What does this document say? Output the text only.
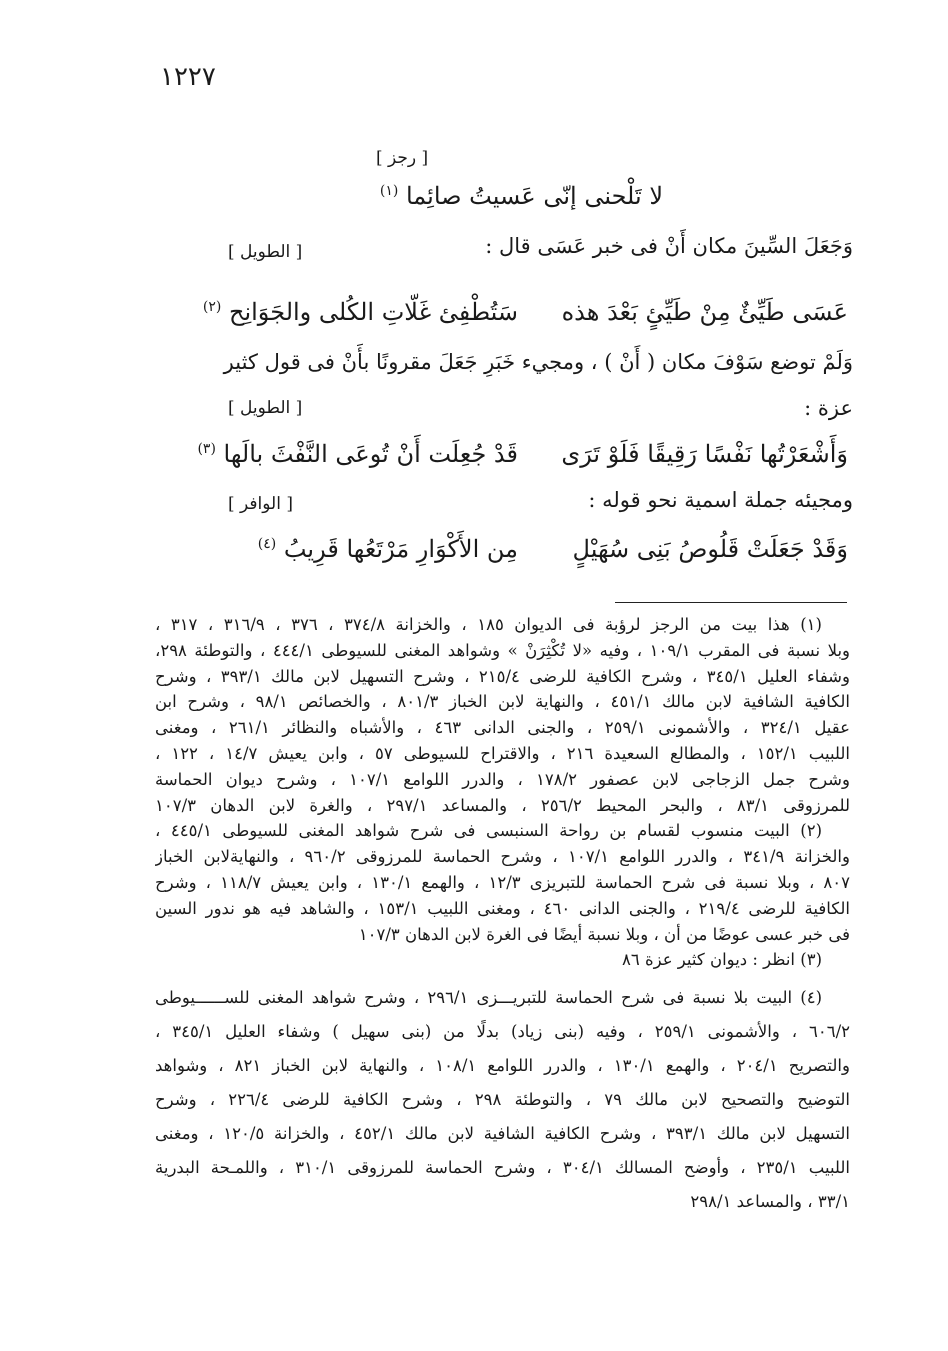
١٢٢٧
[ رجز ]
لا تَلْحنى إنّى عَسيتُ صائِما $^{(١)}$
وَجَعَلَ السِّينَ مكان أَنْ فى خبر عَسَى قال :
[ الطويل ]
عَسَى طَيِّئٌ مِنْ طَيِّئٍ بَعْدَ هذه
سَتُطْفِئ غَلّاتِ الكُلى والجَوَانِح $^{(٢)}$
وَلَمْ توضع سَوْفَ مكان ( أَنْ ) ، ومجيء خَبَرِ جَعَلَ مقرونًا بأَنْ فى قول كثير
عزة :
[ الطويل ]
وَأَشْعَرْتُها نَفْسًا رَقِيقًا فَلَوْ تَرَى
قَدْ جُعِلَت أَنْ تُوعَى النَّفْثَ بالَها $^{(٣)}$
ومجيئه جملة اسمية نحو قوله :
[ الوافر ]
وَقَدْ جَعَلَتْ قَلُوصُ بَنِى سُهَيْلٍ
مِن الأَكْوَارِ مَرْتَعُها قَرِيبُ $^{(٤)}$
(١) هذا بيت من الرجز لرؤبة فى الديوان ١٨٥ ، والخزانة ٣٧٤/٨ ، ٣٧٦ ، ٣١٦/٩ ، ٣١٧ ،
وبلا نسبة فى المقرب ١٠٩/١ ، وفيه «لا تُكْثِرَنْ » وشواهد المغنى للسيوطى ٤٤٤/١ ، والتوطئة ٢٩٨،
وشفاء العليل ٣٤٥/١ ، وشرح الكافية للرضى ٢١٥/٤ ، وشرح التسهيل لابن مالك ٣٩٣/١ ، وشرح
الكافية الشافية لابن مالك ٤٥١/١ ، والنهاية لابن الخباز ٨٠١/٣ ، والخصائص ٩٨/١ ، وشرح ابن
عقيل ٣٢٤/١ ، والأشمونى ٢٥٩/١ ، والجنى الدانى ٤٦٣ ، والأشباه والنظائر ٢٦١/١ ، ومغنى
اللبيب ١٥٢/١ ، والمطالع السعيدة ٢١٦ ، والاقتراح للسيوطى ٥٧ ، وابن يعيش ١٤/٧ ، ١٢٢ ،
وشرح جمل الزجاجى لابن عصفور ١٧٨/٢ ، والدرر اللوامع ١٠٧/١ ، وشرح ديوان الحماسة
للمرزوقى ٨٣/١ ، والبحر المحيط ٢٥٦/٢ ، والمساعد ٢٩٧/١ ، والغرة لابن الدهان ١٠٧/٣
(٢) البيت منسوب لقسام بن رواحة السنبسى فى شرح شواهد المغنى للسيوطى ٤٤٥/١ ،
والخزانة ٣٤١/٩ ، والدرر اللوامع ١٠٧/١ ، وشرح الحماسة للمرزوقى ٩٦٠/٢ ، والنهايةلابن الخباز
٨٠٧ ، وبلا نسبة فى شرح الحماسة للتبريزى ١٢/٣ ، والهمع ١٣٠/١ ، وابن يعيش ١١٨/٧ ، وشرح
الكافية للرضى ٢١٩/٤ ، والجنى الدانى ٤٦٠ ، ومغنى اللبيب ١٥٣/١ ، والشاهد فيه هو ندور السين
فى خبر عسى عوضًا من أن ، وبلا نسبة أيضًا فى الغرة لابن الدهان ١٠٧/٣
(٣) انظر : ديوان كثير عزة ٨٦
(٤) البيت بلا نسبة فى شرح الحماسة للتبريـــزى ٢٩٦/١ ، وشرح شواهد المغنى للســــــيوطى
٦٠٦/٢ ، والأشمونى ٢٥٩/١ ، وفيه (بنى زياد) بدلًا من (بنى سهيل ) وشفاء العليل ٣٤٥/١ ،
والتصريح ٢٠٤/١ ، والهمع ١٣٠/١ ، والدرر اللوامع ١٠٨/١ ، والنهاية لابن الخباز ٨٢١ ، وشواهد
التوضيح والتصحيح لابن مالك ٧٩ ، والتوطئة ٢٩٨ ، وشرح الكافية للرضى ٢٢٦/٤ ، وشرح
التسهيل لابن مالك ٣٩٣/١ ، وشرح الكافية الشافية لابن مالك ٤٥٢/١ ، والخزانة ١٢٠/٥ ، ومغنى
اللبيب ٢٣٥/١ ، وأوضح المسالك ٣٠٤/١ ، وشرح الحماسة للمرزوقى ٣١٠/١ ، واللمـحة البدرية
٣٣/١ ، والمساعد ٢٩٨/١
